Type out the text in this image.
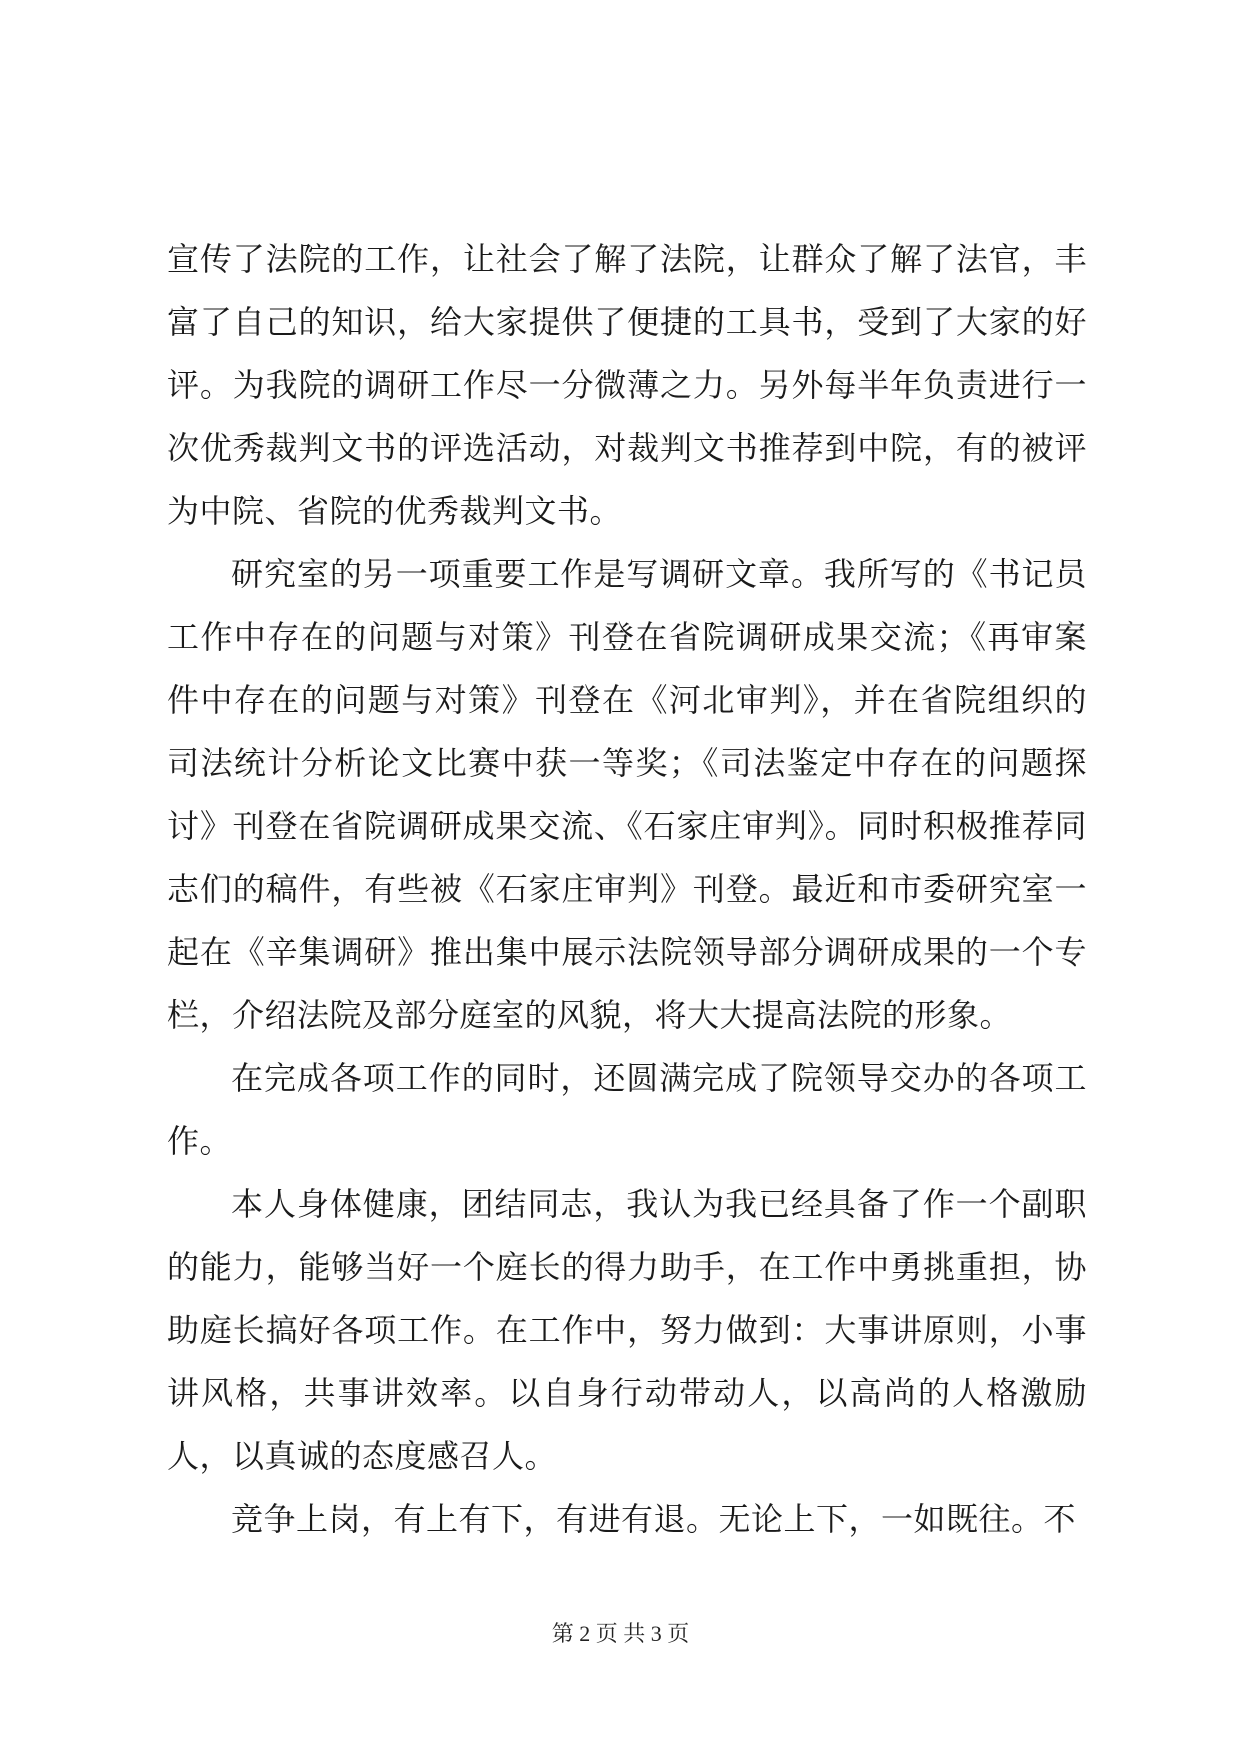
宣传了法院的工作，让社会了解了法院，让群众了解了法官，丰富了自己的知识，给大家提供了便捷的工具书，受到了大家的好评。为我院的调研工作尽一分微薄之力。另外每半年负责进行一次优秀裁判文书的评选活动，对裁判文书推荐到中院，有的被评为中院、省院的优秀裁判文书。

研究室的另一项重要工作是写调研文章。我所写的《书记员工作中存在的问题与对策》刊登在省院调研成果交流；《再审案件中存在的问题与对策》刊登在《河北审判》，并在省院组织的司法统计分析论文比赛中获一等奖；《司法鉴定中存在的问题探讨》刊登在省院调研成果交流、《石家庄审判》。同时积极推荐同志们的稿件，有些被《石家庄审判》刊登。最近和市委研究室一起在《辛集调研》推出集中展示法院领导部分调研成果的一个专栏，介绍法院及部分庭室的风貌，将大大提高法院的形象。

在完成各项工作的同时，还圆满完成了院领导交办的各项工作。

本人身体健康，团结同志，我认为我已经具备了作一个副职的能力，能够当好一个庭长的得力助手，在工作中勇挑重担，协助庭长搞好各项工作。在工作中，努力做到：大事讲原则，小事讲风格，共事讲效率。以自身行动带动人，以高尚的人格激励人，以真诚的态度感召人。

竞争上岗，有上有下，有进有退。无论上下，一如既往。不

第 2 页 共 3 页
